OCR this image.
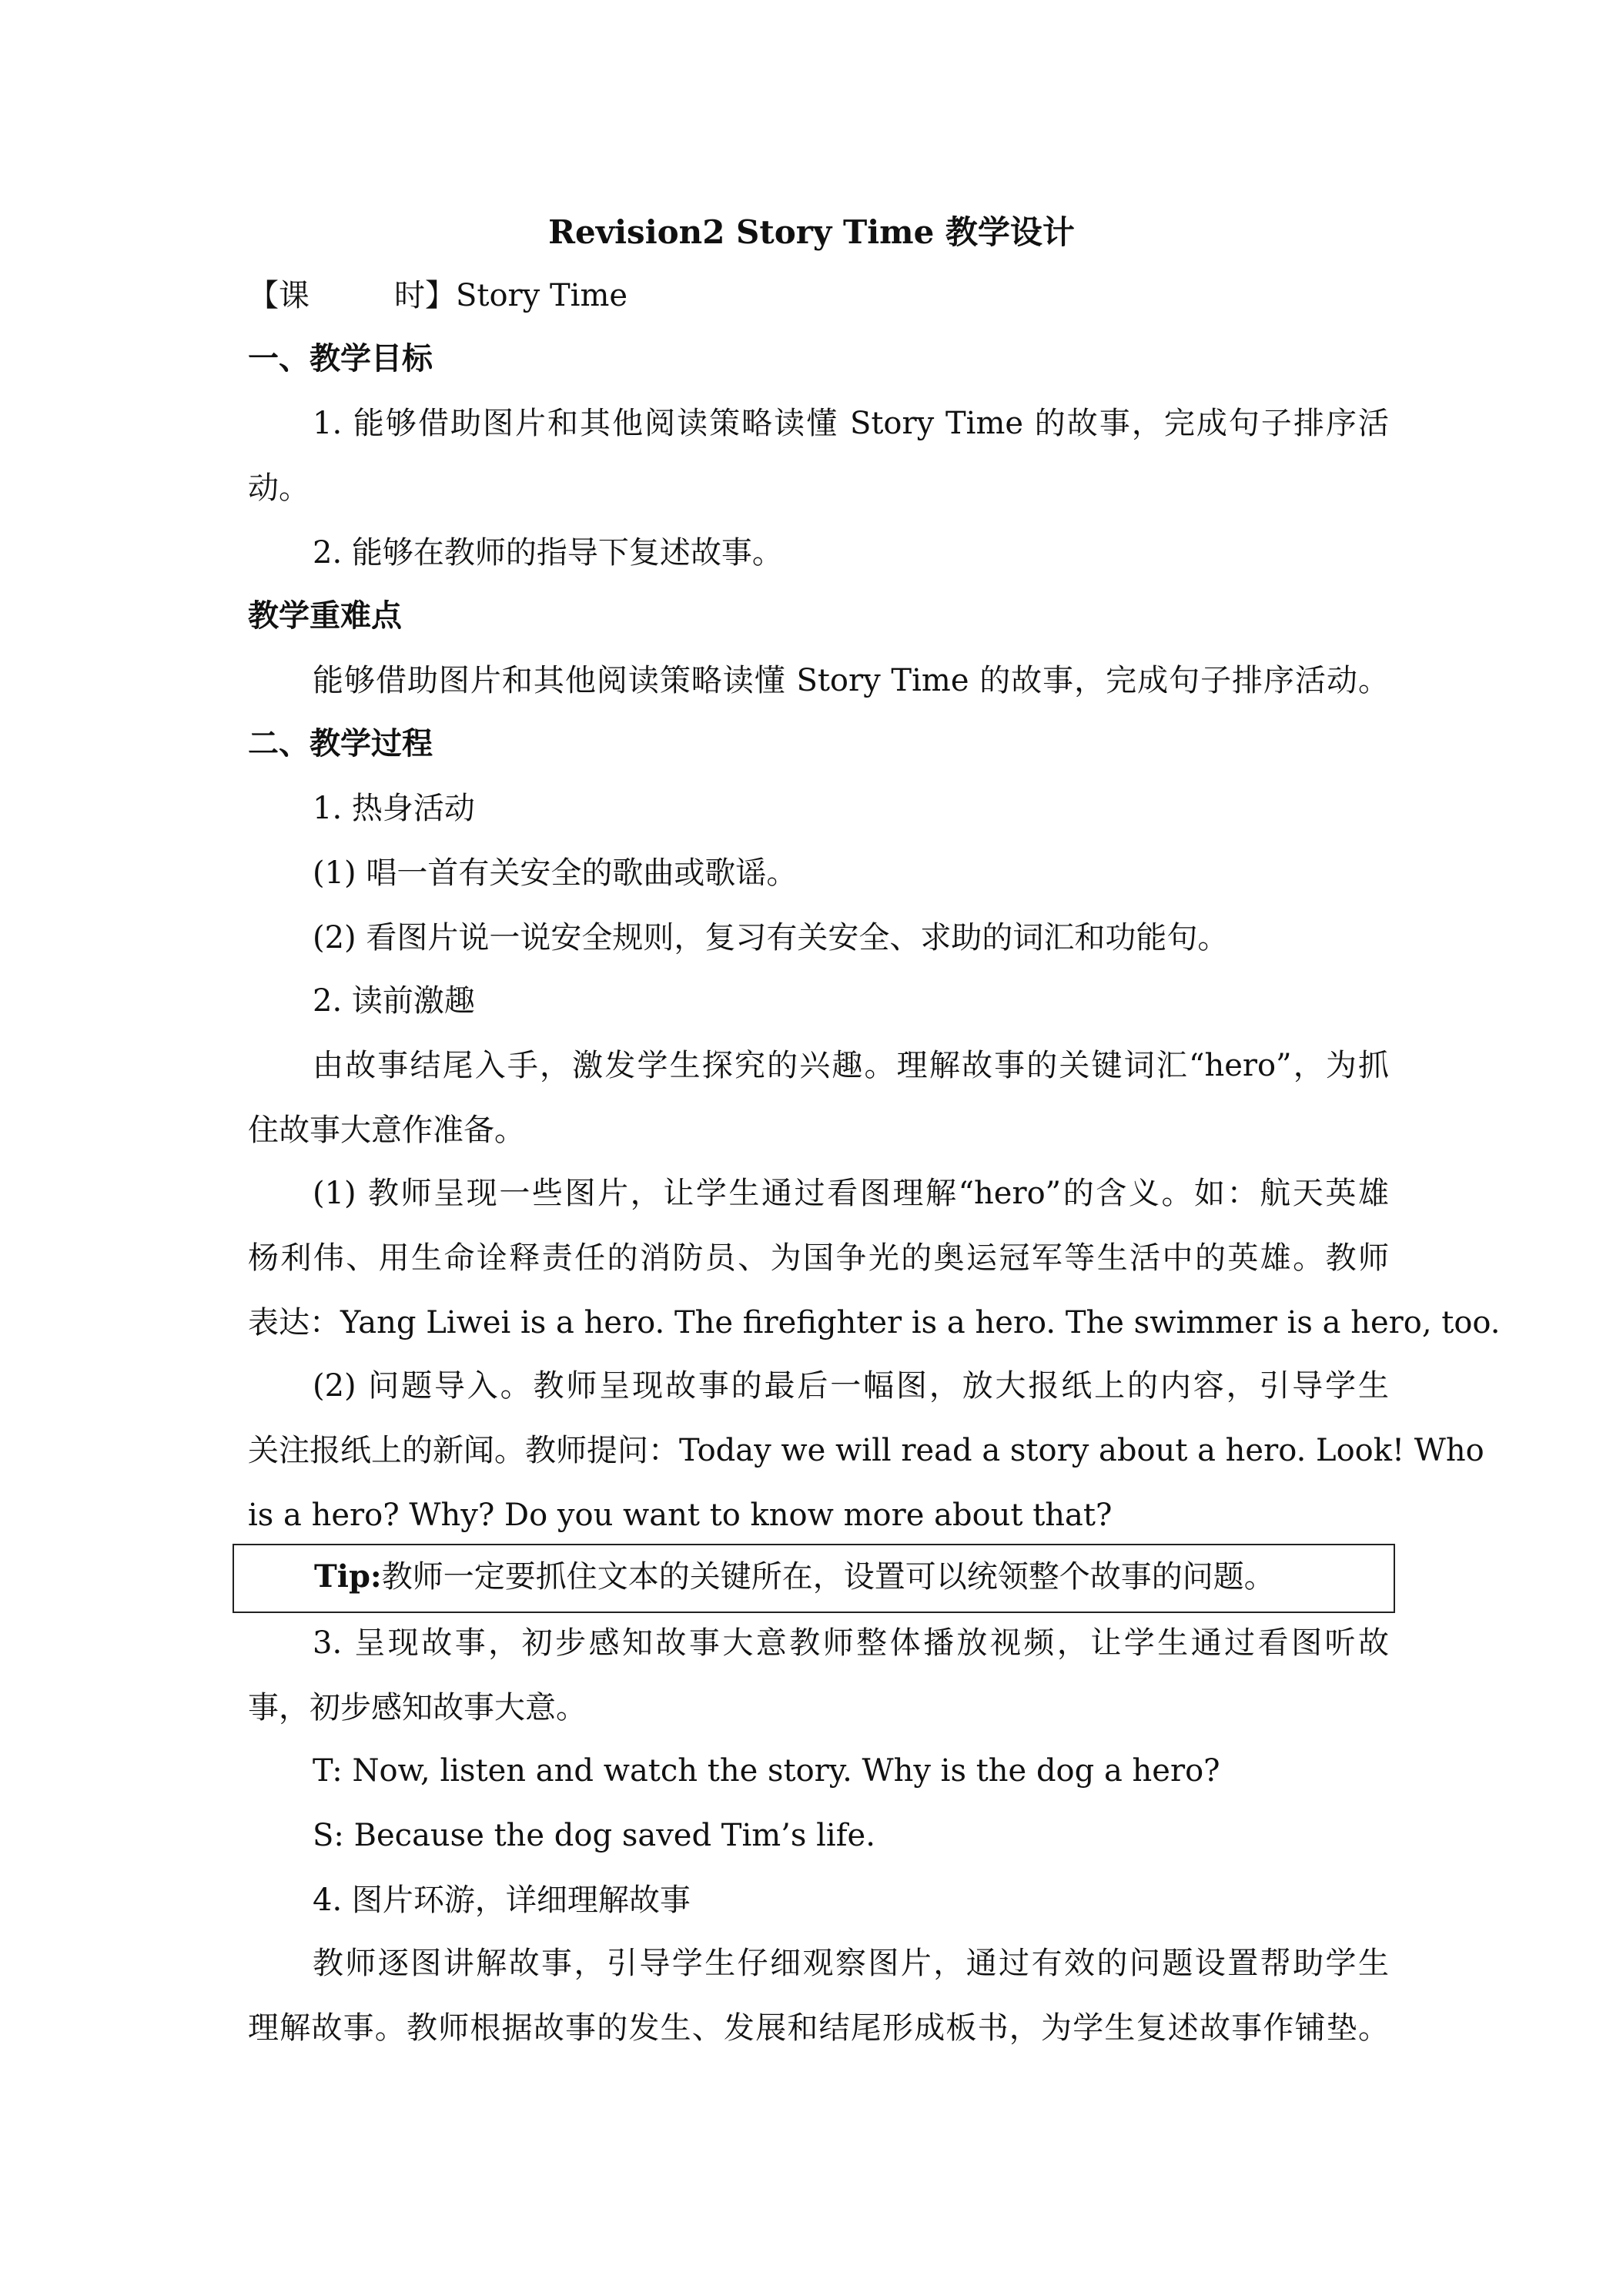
Revision2 Story Time 教学设计
【课	时】Story Time
一、教学目标
1. 能够借助图片和其他阅读策略读懂 Story Time 的故事，完成句子排序活
动。
2. 能够在教师的指导下复述故事。
教学重难点
能够借助图片和其他阅读策略读懂 Story Time 的故事，完成句子排序活动。
二、教学过程
1. 热身活动
(1) 唱一首有关安全的歌曲或歌谣。
(2) 看图片说一说安全规则，复习有关安全、求助的词汇和功能句。
2. 读前激趣
由故事结尾入手，激发学生探究的兴趣。理解故事的关键词汇“hero”，为抓
住故事大意作准备。
(1) 教师呈现一些图片，让学生通过看图理解“hero”的含义。如：航天英雄
杨利伟、用生命诠释责任的消防员、为国争光的奥运冠军等生活中的英雄。教师
表达：Yang Liwei is a hero. The firefighter is a hero. The swimmer is a hero, too.
(2) 问题导入。教师呈现故事的最后一幅图，放大报纸上的内容，引导学生
关注报纸上的新闻。教师提问：Today we will read a story about a hero. Look! Who
is a hero? Why? Do you want to know more about that?
Tip:教师一定要抓住文本的关键所在，设置可以统领整个故事的问题。
3. 呈现故事，初步感知故事大意教师整体播放视频，让学生通过看图听故
事，初步感知故事大意。
T: Now, listen and watch the story. Why is the dog a hero?
S: Because the dog saved Tim’s life.
4. 图片环游，详细理解故事
教师逐图讲解故事，引导学生仔细观察图片，通过有效的问题设置帮助学生
理解故事。教师根据故事的发生、发展和结尾形成板书，为学生复述故事作铺垫。
